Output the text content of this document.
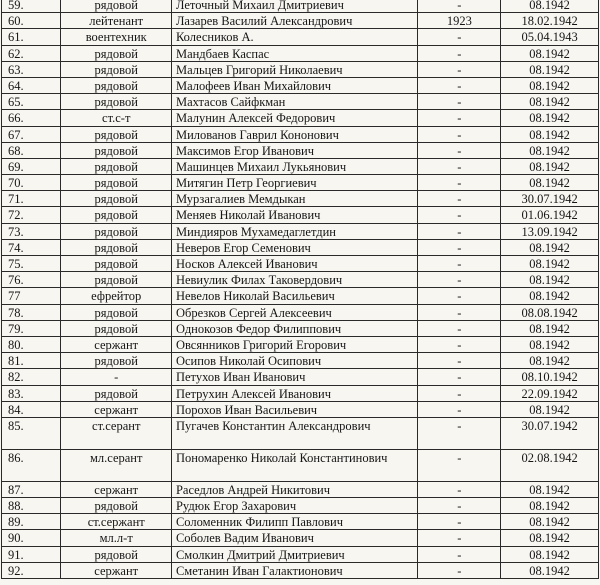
59.	рядовой	Леточный Михаил Дмитриевич	-	08.1942
60.	лейтенант	Лазарев Василий Александрович	1923	18.02.1942
61.	воентехник	Колесников А.	-	05.04.1943
62.	рядовой	Мандбаев Каспас	-	08.1942
63.	рядовой	Мальцев Григорий Николаевич	-	08.1942
64.	рядовой	Малофеев Иван Михайлович	-	08.1942
65.	рядовой	Махтасов Сайфкман	-	08.1942
66.	ст.с-т	Малунин Алексей Федорович	-	08.1942
67.	рядовой	Милованов Гаврил Кононович	-	08.1942
68.	рядовой	Максимов Егор Иванович	-	08.1942
69.	рядовой	Машинцев Михаил Лукьянович	-	08.1942
70.	рядовой	Митягин Петр Георгиевич	-	08.1942
71.	рядовой	Мурзагалиев Мемдыкан	-	30.07.1942
72.	рядовой	Меняев Николай Иванович	-	01.06.1942
73.	рядовой	Миндияров Мухамедаглетдин	-	13.09.1942
74.	рядовой	Неверов Егор Семенович	-	08.1942
75.	рядовой	Носков Алексей Иванович	-	08.1942
76.	рядовой	Невиулик Филах Таковердович	-	08.1942
77	ефрейтор	Невелов Николай Васильевич	-	08.1942
78.	рядовой	Обрезков Сергей Алексеевич	-	08.08.1942
79.	рядовой	Однокозов Федор Филиппович	-	08.1942
80.	сержант	Овсянников Григорий Егорович	-	08.1942
81.	рядовой	Осипов Николай Осипович	-	08.1942
82.	-	Петухов Иван Иванович	-	08.10.1942
83.	рядовой	Петрухин Алексей Иванович	-	22.09.1942
84.	сержант	Порохов Иван Васильевич	-	08.1942
85.	ст.серант	Пугачев Константин Александрович	-	30.07.1942
86.	мл.серант	Пономаренко Николай Константинович	-	02.08.1942
87.	сержант	Раседлов Андрей Никитович	-	08.1942
88.	рядовой	Рудюк Егор Захарович	-	08.1942
89.	ст.сержант	Соломенник Филипп Павлович	-	08.1942
90.	мл.л-т	Соболев Вадим Иванович	-	08.1942
91.	рядовой	Смолкин Дмитрий Дмитриевич	-	08.1942
92.	сержант	Сметанин Иван Галактионович	-	08.1942
